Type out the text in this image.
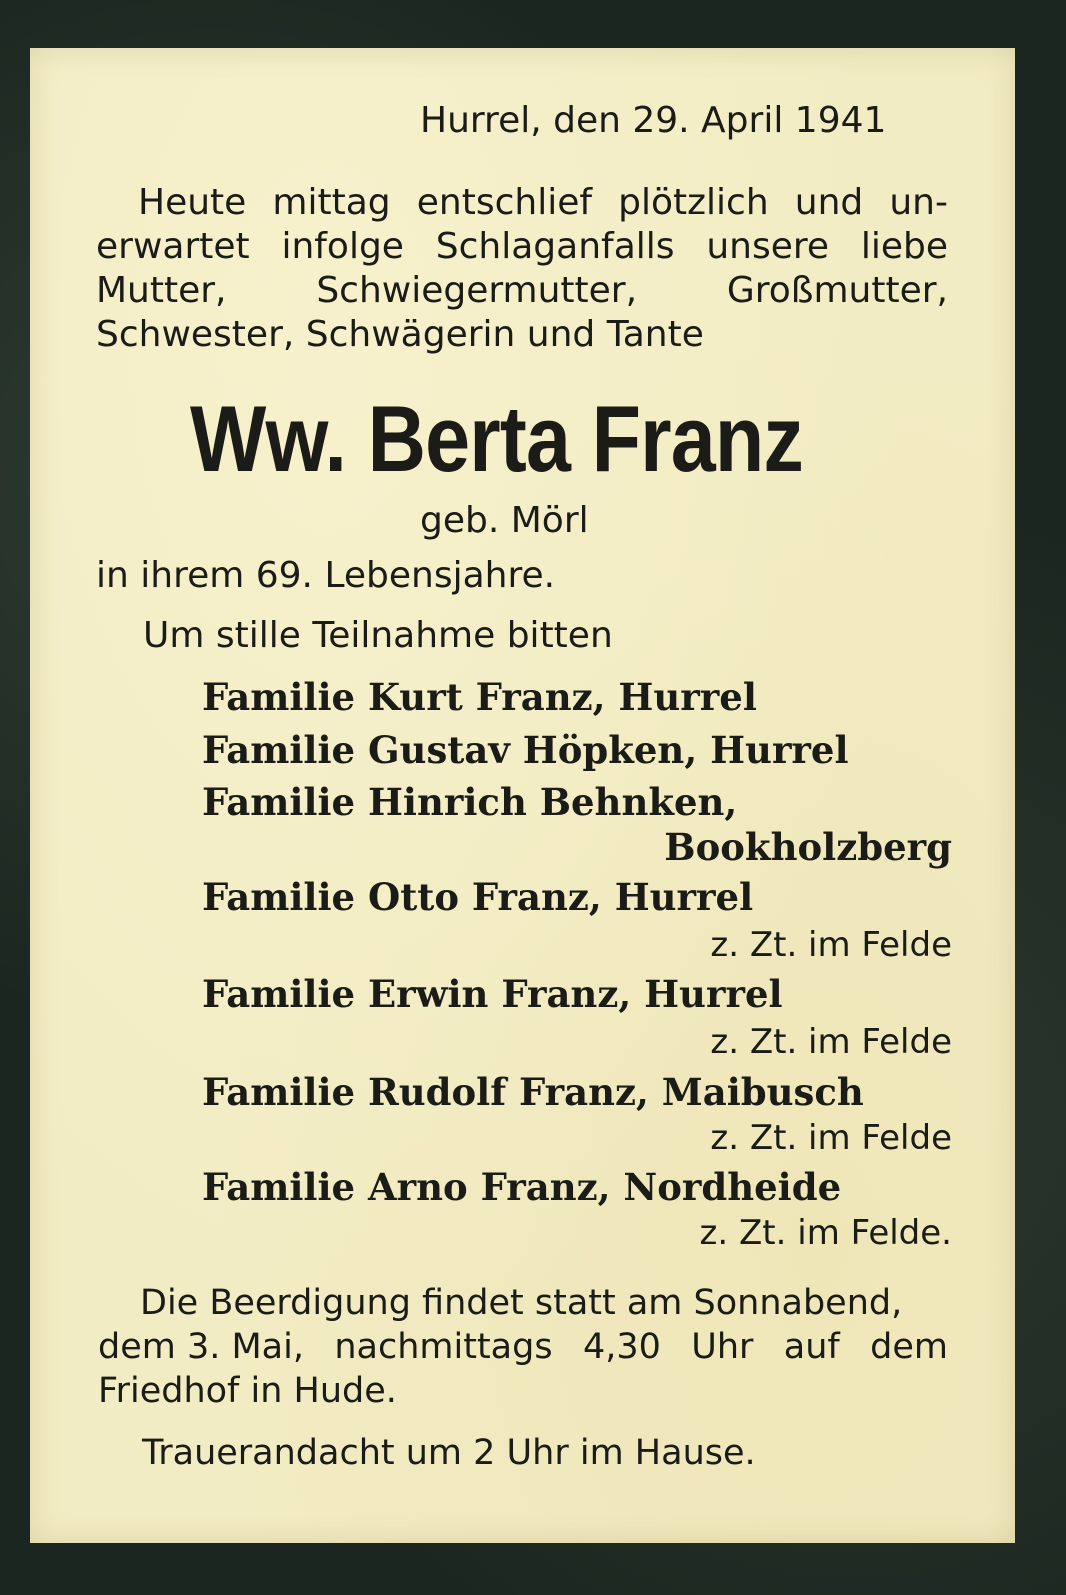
Hurrel, den 29. April 1941
Heute mittag entschlief plötzlich und un-
erwartet infolge Schlaganfalls unsere liebe
Mutter, Schwiegermutter, Großmutter,
Schwester, Schwägerin und Tante
Ww. Berta Franz
geb. Mörl
in ihrem 69. Lebensjahre.
Um stille Teilnahme bitten
Familie Kurt Franz, Hurrel
Familie Gustav Höpken, Hurrel
Familie Hinrich Behnken,
Bookholzberg
Familie Otto Franz, Hurrel
z. Zt. im Felde
Familie Erwin Franz, Hurrel
z. Zt. im Felde
Familie Rudolf Franz, Maibusch
z. Zt. im Felde
Familie Arno Franz, Nordheide
z. Zt. im Felde.
Die Beerdigung findet statt am Sonnabend,
dem 3. Mai, nachmittags 4,30 Uhr auf dem
Friedhof in Hude.
Trauerandacht um 2 Uhr im Hause.
